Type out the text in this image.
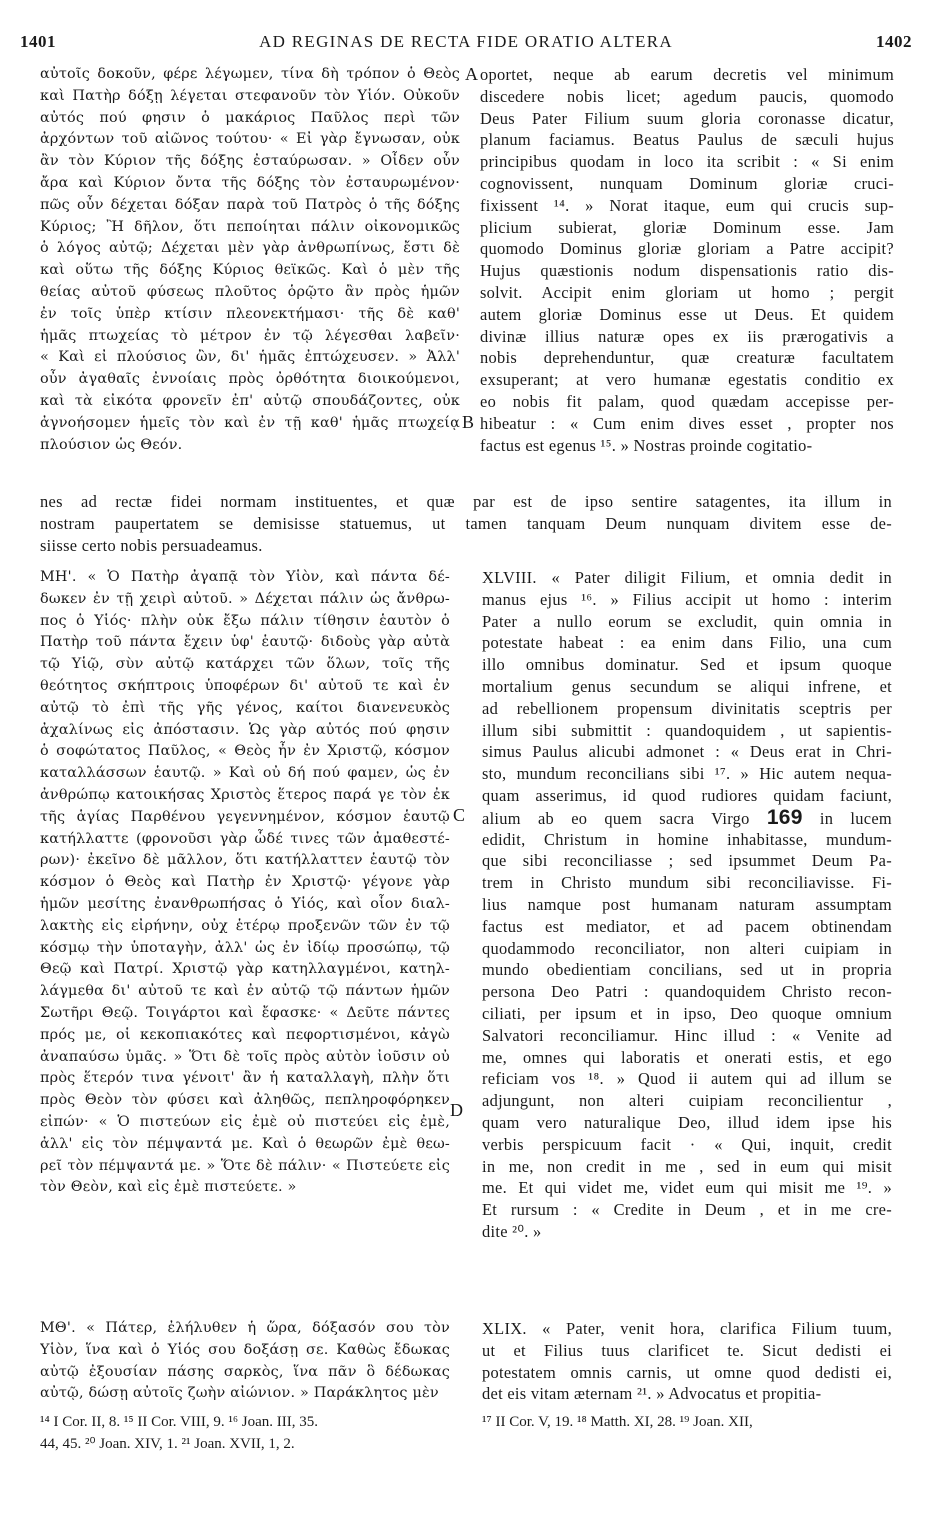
1401	AD REGINAS DE RECTA FIDE ORATIO ALTERA	1402
αὐτοῖς δοκοῦν, φέρε λέγωμεν, τίνα δὴ τρόπον ὁ Θεὸς
καὶ Πατὴρ δόξῃ λέγεται στεφανοῦν τὸν Υἱόν. Οὐκοῦν
αὐτός πού φησιν ὁ μακάριος Παῦλος περὶ τῶν
ἀρχόντων τοῦ αἰῶνος τούτου· « Εἰ γὰρ ἔγνωσαν, οὐκ
ἂν τὸν Κύριον τῆς δόξης ἐσταύρωσαν. » Οἶδεν οὖν
ἄρα καὶ Κύριον ὄντα τῆς δόξης τὸν ἐσταυρωμένον·
πῶς οὖν δέχεται δόξαν παρὰ τοῦ Πατρὸς ὁ τῆς δόξης
Κύριος; Ἢ δῆλον, ὅτι πεποίηται πάλιν οἰκονομικῶς
ὁ λόγος αὐτῷ; Δέχεται μὲν γὰρ ἀνθρωπίνως, ἔστι δὲ
καὶ οὕτω τῆς δόξης Κύριος θεϊκῶς. Καὶ ὁ μὲν τῆς
θείας αὐτοῦ φύσεως πλοῦτος ὁρῷτο ἂν πρὸς ἡμῶν
ἐν τοῖς ὑπὲρ κτίσιν πλεονεκτήμασι· τῆς δὲ καθ'
ἡμᾶς πτωχείας τὸ μέτρον ἐν τῷ λέγεσθαι λαβεῖν·
« Καὶ εἰ πλούσιος ὢν, δι' ἡμᾶς ἐπτώχευσεν. » Ἀλλ'
οὖν ἀγαθαῖς ἐννοίαις πρὸς ὀρθότητα διοικούμενοι,
καὶ τὰ εἰκότα φρονεῖν ἐπ' αὐτῷ σπουδάζοντες, οὐκ
ἀγνοήσομεν ἡμεῖς τὸν καὶ ἐν τῇ καθ' ἡμᾶς πτωχείᾳ
πλούσιον ὡς Θεόν.
oportet, neque ab earum decretis vel minimum
discedere nobis licet; agedum paucis, quomodo
Deus Pater Filium suum gloria coronasse dicatur,
planum faciamus. Beatus Paulus de sæculi hujus
principibus quodam in loco ita scribit : « Si enim
cognovissent, nunquam Dominum gloriæ cruci-
fixissent ¹⁴. » Norat itaque, eum qui crucis sup-
plicium subierat, gloriæ Dominum esse. Jam
quomodo Dominus gloriæ gloriam a Patre accipit?
Hujus quæstionis nodum dispensationis ratio dis-
solvit. Accipit enim gloriam ut homo ; pergit
autem gloriæ Dominus esse ut Deus. Et quidem
divinæ illius naturæ opes ex iis prærogativis a
nobis deprehenduntur, quæ creaturæ facultatem
exsuperant; at vero humanæ egestatis conditio ex
eo nobis fit palam, quod quædam accepisse per-
hibeatur : « Cum enim dives esset , propter nos
factus est egenus ¹⁵. » Nostras proinde cogitatio-
A
B
C
D
nes ad rectæ fidei normam instituentes, et quæ par est de ipso sentire satagentes, ita illum in
nostram paupertatem se demisisse statuemus, ut tamen tanquam Deum nunquam divitem esse de-
siisse certo nobis persuadeamus.
ΜΗ'. « Ὁ Πατὴρ ἀγαπᾷ τὸν Υἱὸν, καὶ πάντα δέ-
δωκεν ἐν τῇ χειρὶ αὐτοῦ. » Δέχεται πάλιν ὡς ἄνθρω-
πος ὁ Υἱός· πλὴν οὐκ ἔξω πάλιν τίθησιν ἑαυτὸν ὁ
Πατὴρ τοῦ πάντα ἔχειν ὑφ' ἑαυτῷ· διδοὺς γὰρ αὐτὰ
τῷ Υἱῷ, σὺν αὐτῷ κατάρχει τῶν ὅλων, τοῖς τῆς
θεότητος σκήπτροις ὑποφέρων δι' αὐτοῦ τε καὶ ἐν
αὐτῷ τὸ ἐπὶ τῆς γῆς γένος, καίτοι διανενευκὸς
ἀχαλίνως εἰς ἀπόστασιν. Ὡς γὰρ αὐτός πού φησιν
ὁ σοφώτατος Παῦλος, « Θεὸς ἦν ἐν Χριστῷ, κόσμον
καταλλάσσων ἑαυτῷ. » Καὶ οὐ δή πού φαμεν, ὡς ἐν
ἀνθρώπῳ κατοικήσας Χριστὸς ἕτερος παρά γε τὸν ἐκ
τῆς ἁγίας Παρθένου γεγεννημένον, κόσμον ἑαυτῷ
κατήλλαττε (φρονοῦσι γὰρ ὧδέ τινες τῶν ἀμαθεστέ-
ρων)· ἐκεῖνο δὲ μᾶλλον, ὅτι κατήλλαττεν ἑαυτῷ τὸν
κόσμον ὁ Θεὸς καὶ Πατὴρ ἐν Χριστῷ· γέγονε γὰρ
ἡμῶν μεσίτης ἐνανθρωπήσας ὁ Υἱός, καὶ οἷον διαλ-
λακτὴς εἰς εἰρήνην, οὐχ ἑτέρῳ προξενῶν τῶν ἐν τῷ
κόσμῳ τὴν ὑποταγὴν, ἀλλ' ὡς ἐν ἰδίῳ προσώπῳ, τῷ
Θεῷ καὶ Πατρί. Χριστῷ γὰρ κατηλλαγμένοι, κατηλ-
λάγμεθα δι' αὐτοῦ τε καὶ ἐν αὐτῷ τῷ πάντων ἡμῶν
Σωτῆρι Θεῷ. Τοιγάρτοι καὶ ἔφασκε· « Δεῦτε πάντες
πρός με, οἱ κεκοπιακότες καὶ πεφορτισμένοι, κἀγὼ
ἀναπαύσω ὑμᾶς. » Ὅτι δὲ τοῖς πρὸς αὐτὸν ἰοῦσιν οὐ
πρὸς ἕτερόν τινα γένοιτ' ἂν ἡ καταλλαγὴ, πλὴν ὅτι
πρὸς Θεὸν τὸν φύσει καὶ ἀληθῶς, πεπληροφόρηκεν
εἰπών· « Ὁ πιστεύων εἰς ἐμὲ οὐ πιστεύει εἰς ἐμὲ,
ἀλλ' εἰς τὸν πέμψαντά με. Καὶ ὁ θεωρῶν ἐμὲ θεω-
ρεῖ τὸν πέμψαντά με. » Ὅτε δὲ πάλιν· « Πιστεύετε εἰς
τὸν Θεὸν, καὶ εἰς ἐμὲ πιστεύετε. »
XLVIII. « Pater diligit Filium, et omnia dedit in
manus ejus ¹⁶. » Filius accipit ut homo : interim
Pater a nullo eorum se excludit, quin omnia in
potestate habeat : ea enim dans Filio, una cum
illo omnibus dominatur. Sed et ipsum quoque
mortalium genus secundum se aliqui infrene, et
ad rebellionem propensum divinitatis sceptris per
illum sibi submittit : quandoquidem , ut sapientis-
simus Paulus alicubi admonet : « Deus erat in Chri-
sto, mundum reconcilians sibi ¹⁷. » Hic autem nequa-
quam asserimus, id quod rudiores quidam faciunt,
alium ab eo quem sacra Virgo 169 in lucem
edidit, Christum in homine inhabitasse, mundum-
que sibi reconciliasse ; sed ipsummet Deum Pa-
trem in Christo mundum sibi reconciliavisse. Fi-
lius namque post humanam naturam assumptam
factus est mediator, et ad pacem obtinendam
quodammodo reconciliator, non alteri cuipiam in
mundo obedientiam concilians, sed ut in propria
persona Deo Patri : quandoquidem Christo recon-
ciliati, per ipsum et in ipso, Deo quoque omnium
Salvatori reconciliamur. Hinc illud : « Venite ad
me, omnes qui laboratis et onerati estis, et ego
reficiam vos ¹⁸. » Quod ii autem qui ad illum se
adjungunt, non alteri cuipiam reconcilientur ,
quam vero naturalique Deo, illud idem ipse his
verbis perspicuum facit · « Qui, inquit, credit
in me, non credit in me , sed in eum qui misit
me. Et qui videt me, videt eum qui misit me ¹⁹. »
Et rursum : « Credite in Deum , et in me cre-
dite ²⁰. »
ΜΘ'. « Πάτερ, ἐλήλυθεν ἡ ὥρα, δόξασόν σου τὸν
Υἱὸν, ἵνα καὶ ὁ Υἱός σου δοξάσῃ σε. Καθὼς ἔδωκας
αὐτῷ ἐξουσίαν πάσης σαρκὸς, ἵνα πᾶν ὃ δέδωκας
αὐτῷ, δώσῃ αὐτοῖς ζωὴν αἰώνιον. » Παράκλητος μὲν
XLIX. « Pater, venit hora, clarifica Filium tuum,
ut et Filius tuus clarificet te. Sicut dedisti ei
potestatem omnis carnis, ut omne quod dedisti ei,
det eis vitam æternam ²¹. » Advocatus et propitia-
¹⁴ I Cor. II, 8. ¹⁵ II Cor. VIII, 9. ¹⁶ Joan. III, 35.
44, 45. ²⁰ Joan. XIV, 1. ²¹ Joan. XVII, 1, 2.
¹⁷ II Cor. V, 19. ¹⁸ Matth. XI, 28. ¹⁹ Joan. XII,
